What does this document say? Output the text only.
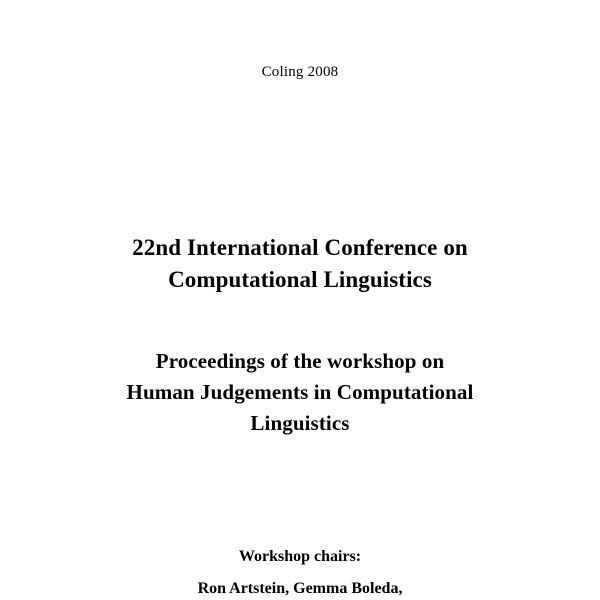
Coling 2008
22nd International Conference on
Computational Linguistics
Proceedings of the workshop on
Human Judgements in Computational
Linguistics
Workshop chairs:
Ron Artstein, Gemma Boleda,
